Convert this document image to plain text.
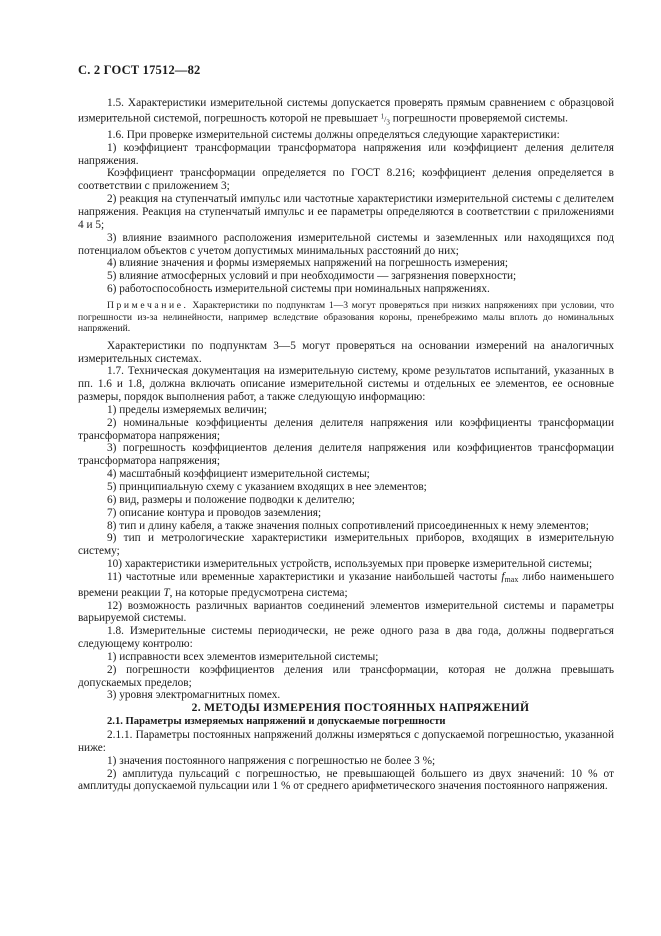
С. 2 ГОСТ 17512—82

1.5. Характеристики измерительной системы допускается проверять прямым сравнением с образцовой измерительной системой, погрешность которой не превышает $^1/_3$ погрешности проверяемой системы.

1.6. При проверке измерительной системы должны определяться следующие характеристики:

1) коэффициент трансформации трансформатора напряжения или коэффициент деления делителя напряжения.

Коэффициент трансформации определяется по ГОСТ 8.216; коэффициент деления определяется в соответствии с приложением 3;

2) реакция на ступенчатый импульс или частотные характеристики измерительной системы с делителем напряжения. Реакция на ступенчатый импульс и ее параметры определяются в соответствии с приложениями 4 и 5;

3) влияние взаимного расположения измерительной системы и заземленных или находящихся под потенциалом объектов с учетом допустимых минимальных расстояний до них;

4) влияние значения и формы измеряемых напряжений на погрешность измерения;

5) влияние атмосферных условий и при необходимости — загрязнения поверхности;

6) работоспособность измерительной системы при номинальных напряжениях.

Примечание. Характеристики по подпунктам 1—3 могут проверяться при низких напряжениях при условии, что погрешности из-за нелинейности, например вследствие образования короны, пренебрежимо малы вплоть до номинальных напряжений.

Характеристики по подпунктам 3—5 могут проверяться на основании измерений на аналогичных измерительных системах.

1.7. Техническая документация на измерительную систему, кроме результатов испытаний, указанных в пп. 1.6 и 1.8, должна включать описание измерительной системы и отдельных ее элементов, ее основные размеры, порядок выполнения работ, а также следующую информацию:

1) пределы измеряемых величин;

2) номинальные коэффициенты деления делителя напряжения или коэффициенты трансформации трансформатора напряжения;

3) погрешность коэффициентов деления делителя напряжения или коэффициентов трансформации трансформатора напряжения;

4) масштабный коэффициент измерительной системы;

5) принципиальную схему с указанием входящих в нее элементов;

6) вид, размеры и положение подводки к делителю;

7) описание контура и проводов заземления;

8) тип и длину кабеля, а также значения полных сопротивлений присоединенных к нему элементов;

9) тип и метрологические характеристики измерительных приборов, входящих в измерительную систему;

10) характеристики измерительных устройств, используемых при проверке измерительной системы;

11) частотные или временные характеристики и указание наибольшей частоты $f_{max}$ либо наименьшего времени реакции T, на которые предусмотрена система;

12) возможность различных вариантов соединений элементов измерительной системы и параметры варьируемой системы.

1.8. Измерительные системы периодически, не реже одного раза в два года, должны подвергаться следующему контролю:

1) исправности всех элементов измерительной системы;

2) погрешности коэффициентов деления или трансформации, которая не должна превышать допускаемых пределов;

3) уровня электромагнитных помех.

2. МЕТОДЫ ИЗМЕРЕНИЯ ПОСТОЯННЫХ НАПРЯЖЕНИЙ

2.1. Параметры измеряемых напряжений и допускаемые погрешности

2.1.1. Параметры постоянных напряжений должны измеряться с допускаемой погрешностью, указанной ниже:

1) значения постоянного напряжения с погрешностью не более 3 %;

2) амплитуда пульсаций с погрешностью, не превышающей большего из двух значений: 10 % от амплитуды допускаемой пульсации или 1 % от среднего арифметического значения постоянного напряжения.
